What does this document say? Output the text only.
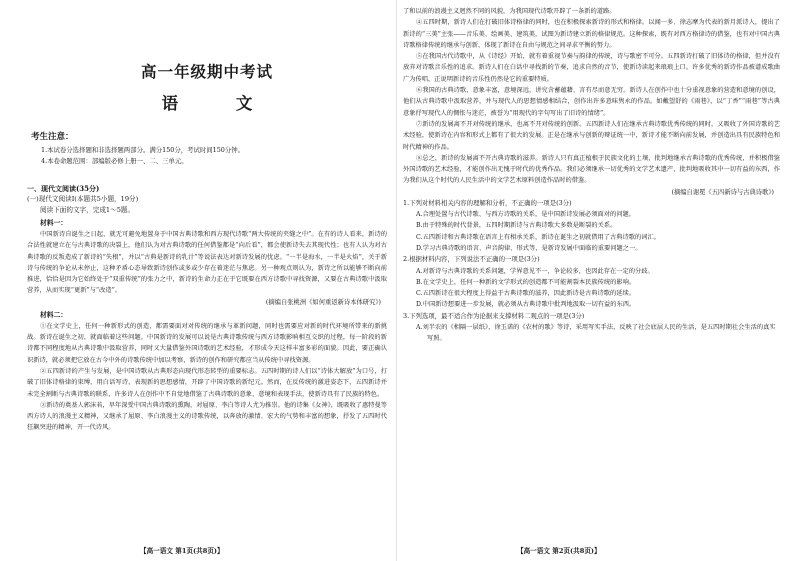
高一年级期中考试
语 文
考生注意：
1.本试卷分选择题和非选择题两部分。满分150分，考试时间150分钟。
4.本卷命题范围：部编版必修上册一、二、三单元。
一、现代文阅读(35分)
(一)现代文阅读Ⅰ(本题共5小题，19分)
阅读下面的文字，完成1～5题。
材料一：

中国新诗自诞生之日起，就无可避免地置身于中国古典诗歌和西方现代诗歌“两大传统的夹缝之中”。在有的诗人看来，新诗的合法性就建立在与古典诗歌的决裂上，他们认为对古典诗歌的任何借鉴都是“向后看”，都会使新诗失去其现代性；也有人认为对古典诗歌的反叛造成了新诗的“失根”，并以“古典是新诗的乳汁”等说法表达对新诗发展的忧虑。“一半是海水，一半是火焰”，关于新诗与传统的争论从未停止，这种矛盾心态导致新诗创作或多或少存在着迷茫与焦虑。另一种观点则认为，新诗之所以能够不断向前推进，恰恰是因为它始终处于“双重传统”的张力之中，新诗的生命力正在于它既要在西方诗歌中寻找资源，又要在古典诗歌中汲取营养，从而实现“更新”与“改造”。

(摘编自张桃洲《如何重返新诗本体研究》)
材料二：

①在文学史上，任何一种新形式的创造，都需要面对对传统的继承与革新问题，同时也需要应对新的时代环境所带来的新挑战。新诗在诞生之初，就面临着这些问题。中国新诗的发展可以说是古典诗歌传统与西方诗歌影响相互交织的过程，每一阶段的新诗都不同程度地从古典诗歌中汲取营养，同时又大量借鉴外国诗歌的艺术经验，才形成今天这样丰富多彩的面貌。因此，要正确认识新诗，就必须把它放在古今中外的诗歌传统中加以考察，新诗的创作和研究都应当从传统中寻找资源。

②五四新诗的产生与发展，是中国诗歌从古典形态向现代形态转型的重要标志。五四时期的诗人们以“诗体大解放”为口号，打破了旧体诗格律的束缚，用白话写诗，表现新的思想感情，开辟了中国诗歌的新纪元。然而，在反传统的激进姿态下，五四新诗并未完全割断与古典诗歌的联系，许多诗人在创作中不自觉地借鉴了古典诗歌的意象、意境和表现手法，使新诗具有了民族的特色。

③新诗的奠基人郭沫若，早年深受中国古典诗歌的熏陶，对屈原、李白等诗人尤为推崇。他的诗集《女神》，既吸收了惠特曼等西方诗人的浪漫主义精神，又继承了屈原、李白浪漫主义的诗歌传统，以奔放的激情、宏大的气势和丰富的想象，抒发了五四时代狂飙突进的精神，开一代诗风。

【高一语文 第1页(共8页)】

了和以前的浪漫主义迥然不同的风貌，为我国现代诗歌开辟了一条新的道路。

④五四时期，新诗人们在打破旧体诗格律的同时，也在积极探索新诗的形式和格律。以闻一多、徐志摩为代表的新月派诗人，提出了新诗的“三美”主张——音乐美、绘画美、建筑美，试图为新诗建立新的格律规范。这种探索，既有对西方格律诗的借鉴，也有对中国古典诗歌格律传统的继承与创新，体现了新诗在自由与规范之间寻求平衡的努力。

⑤在我国古代诗歌中，从《诗经》开始，就有着重视节奏与韵律的传统，诗与歌密不可分。五四新诗打破了旧体诗的格律，但并没有放弃对诗歌音乐性的追求。新诗人们在白话中寻找新的节奏，追求自然的音节，使新诗读起来琅琅上口。许多优秀的新诗作品被谱成歌曲广为传唱，正说明新诗的音乐性仍然是它的重要特质。

⑥我国的古典诗歌，意象丰富，意境深远，讲究含蓄蕴藉、言有尽而意无穷。新诗人在创作中也十分重视意象的营造和意境的创设，他们从古典诗歌中汲取营养，并与现代人的思想情感相结合，创作出许多意味隽永的作品。如戴望舒的《雨巷》，以“丁香”“雨巷”等古典意象抒写现代人的惆怅与迷茫，被誉为“用现代的字句写出了旧诗的情绪”。

⑦新诗的发展离不开对传统的继承，也离不开对传统的创新。五四新诗人们在继承古典诗歌优秀传统的同时，又吸收了外国诗歌的艺术经验，使新诗在内容和形式上都有了很大的发展。正是在继承与创新的辩证统一中，新诗才能不断向前发展，并创造出具有民族特色和时代精神的作品。

⑧总之，新诗的发展离不开古典诗歌的滋养。新诗人只有真正植根于民族文化的土壤，批判地继承古典诗歌的优秀传统，并积极借鉴外国诗歌的艺术经验，才能创作出无愧于时代的优秀作品。我们必须继承一切优秀的文学艺术遗产，批判地吸收其中一切有益的东西，作为我们从这个时代的人民生活中的文学艺术原料创造作品时的借鉴。

(摘编自谢冕《五四新诗与古典诗歌》)

1.下列对材料相关内容的理解和分析，不正确的一项是(3分)

A.合理处置与古代诗歌、与西方诗歌的关系，是中国新诗发展必须面对的问题。

B.由于特殊的时代背景，五四时期新诗与古典诗歌大多数是断裂的关系。

C.五四新诗和古典诗歌在语言上有相承关系，新诗在诞生之初就借用了古典诗歌的词汇。

D.学习古典诗歌的语言、声音韵律、形式等，是新诗发展中面临的重要问题之一。

2.根据材料内容，下列说法不正确的一项是(3分)

A.对新诗与古典诗歌的关系问题，学界意见不一，争论较多，也因此存在一定的分歧。

B.在文学史上，任何一种新的文学形式的创造都不可能割裂本民族传统的影响。

C.五四新诗在很大程度上得益于古典诗歌的滋养，因此新诗是古典诗歌的延续。

D.中国新诗想要进一步发展，就必须从古典诗歌中批判地汲取一切有益的东西。

3.下列选项，最不适合作为论据来支撑材料二观点的一项是(3分)

A.刘半农的《相隔一层纸》，徐玉诺的《农村的歌》等诗，采用写实手法，反映了社会底层人民的生活，是五四时期社会生活的真实写照。

【高一语文 第2页(共8页)】
